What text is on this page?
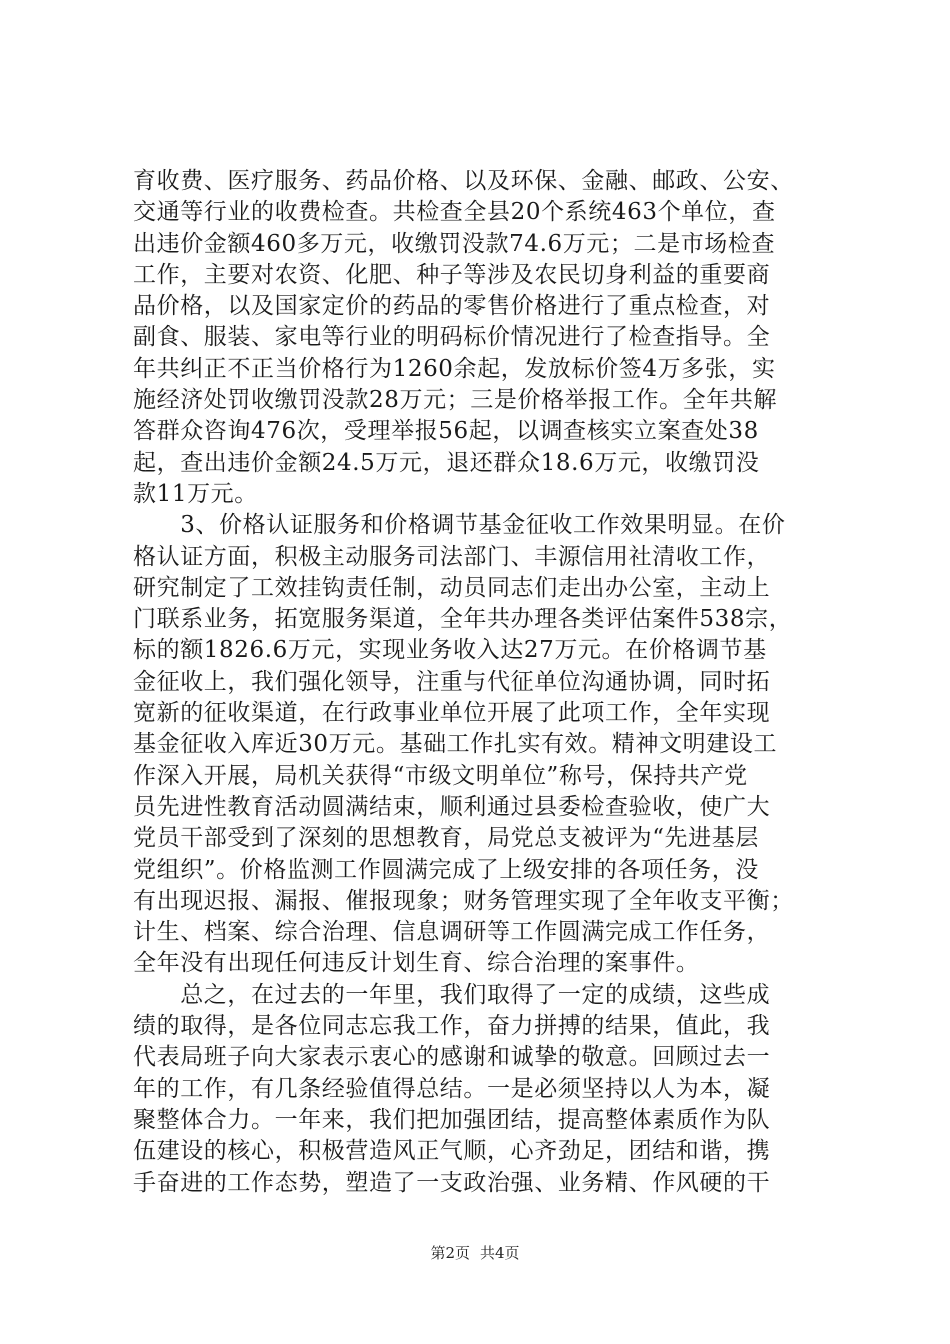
育收费、医疗服务、药品价格、以及环保、金融、邮政、公安、
交通等行业的收费检查。共检查全县20个系统463个单位，查
出违价金额460多万元，收缴罚没款74.6万元；二是市场检查
工作，主要对农资、化肥、种子等涉及农民切身利益的重要商
品价格，以及国家定价的药品的零售价格进行了重点检查，对
副食、服装、家电等行业的明码标价情况进行了检查指导。全
年共纠正不正当价格行为1260余起，发放标价签4万多张，实
施经济处罚收缴罚没款28万元；三是价格举报工作。全年共解
答群众咨询476次，受理举报56起，以调查核实立案查处38
起，查出违价金额24.5万元，退还群众18.6万元，收缴罚没
款11万元。
　　3、价格认证服务和价格调节基金征收工作效果明显。在价
格认证方面，积极主动服务司法部门、丰源信用社清收工作，
研究制定了工效挂钩责任制，动员同志们走出办公室，主动上
门联系业务，拓宽服务渠道，全年共办理各类评估案件538宗，
标的额1826.6万元，实现业务收入达27万元。在价格调节基
金征收上，我们强化领导，注重与代征单位沟通协调，同时拓
宽新的征收渠道，在行政事业单位开展了此项工作，全年实现
基金征收入库近30万元。基础工作扎实有效。精神文明建设工
作深入开展，局机关获得“市级文明单位”称号，保持共产党
员先进性教育活动圆满结束，顺利通过县委检查验收，使广大
党员干部受到了深刻的思想教育，局党总支被评为“先进基层
党组织”。价格监测工作圆满完成了上级安排的各项任务，没
有出现迟报、漏报、催报现象；财务管理实现了全年收支平衡；
计生、档案、综合治理、信息调研等工作圆满完成工作任务，
全年没有出现任何违反计划生育、综合治理的案事件。
　　总之，在过去的一年里，我们取得了一定的成绩，这些成
绩的取得，是各位同志忘我工作，奋力拼搏的结果，值此，我
代表局班子向大家表示衷心的感谢和诚挚的敬意。回顾过去一
年的工作，有几条经验值得总结。一是必须坚持以人为本，凝
聚整体合力。一年来，我们把加强团结，提高整体素质作为队
伍建设的核心，积极营造风正气顺，心齐劲足，团结和谐，携
手奋进的工作态势，塑造了一支政治强、业务精、作风硬的干
第2页 共4页
